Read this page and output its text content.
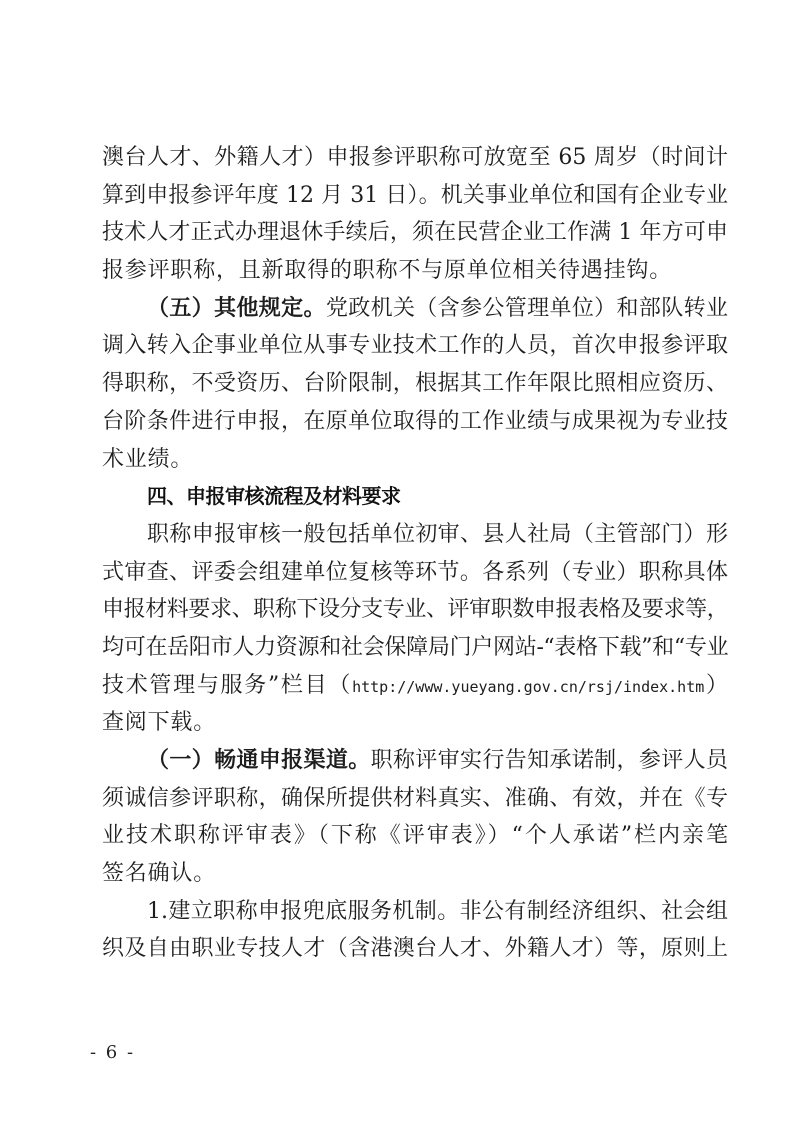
澳台人才、外籍人才）申报参评职称可放宽至 65 周岁（时间计
算到申报参评年度 12 月 31 日）。机关事业单位和国有企业专业
技术人才正式办理退休手续后，须在民营企业工作满 1 年方可申
报参评职称，且新取得的职称不与原单位相关待遇挂钩。
（五）其他规定。党政机关（含参公管理单位）和部队转业
调入转入企事业单位从事专业技术工作的人员，首次申报参评取
得职称，不受资历、台阶限制，根据其工作年限比照相应资历、
台阶条件进行申报，在原单位取得的工作业绩与成果视为专业技
术业绩。
四、申报审核流程及材料要求
职称申报审核一般包括单位初审、县人社局（主管部门）形
式审查、评委会组建单位复核等环节。各系列（专业）职称具体
申报材料要求、职称下设分支专业、评审职数申报表格及要求等，
均可在岳阳市人力资源和社会保障局门户网站-“表格下载”和“专业
技术管理与服务”栏目（http://www.yueyang.gov.cn/rsj/index.htm）
查阅下载。
（一）畅通申报渠道。职称评审实行告知承诺制，参评人员
须诚信参评职称，确保所提供材料真实、准确、有效，并在《专
业技术职称评审表》（下称《评审表》）“个人承诺”栏内亲笔
签名确认。
1.建立职称申报兜底服务机制。非公有制经济组织、社会组
织及自由职业专技人才（含港澳台人才、外籍人才）等，原则上
- 6 -
